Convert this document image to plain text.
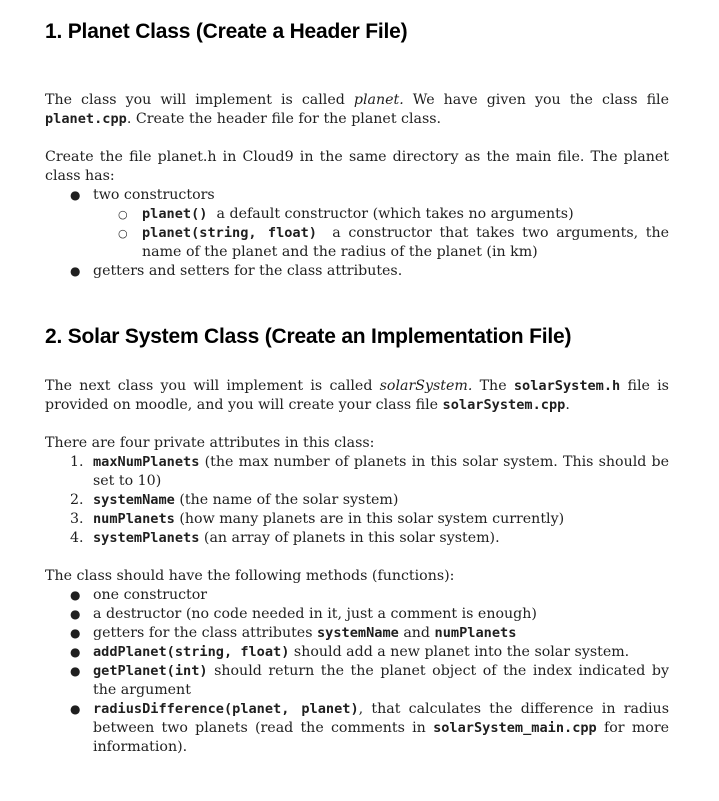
1. Planet Class (Create a Header File)

The class you will implement is called planet. We have given you the class file planet.cpp. Create the header file for the planet class.

Create the file planet.h in Cloud9 in the same directory as the main file. The planet class has:

● two constructors
○ planet() a default constructor (which takes no arguments)
○ planet(string, float) a constructor that takes two arguments, the name of the planet and the radius of the planet (in km)
● getters and setters for the class attributes.
2. Solar System Class (Create an Implementation File)

The next class you will implement is called solarSystem. The solarSystem.h file is provided on moodle, and you will create your class file solarSystem.cpp.

There are four private attributes in this class:

1. maxNumPlanets (the max number of planets in this solar system. This should be set to 10)
2. systemName (the name of the solar system)
3. numPlanets (how many planets are in this solar system currently)
4. systemPlanets (an array of planets in this solar system).

The class should have the following methods (functions):

● one constructor
● a destructor (no code needed in it, just a comment is enough)
● getters for the class attributes systemName and numPlanets
● addPlanet(string, float) should add a new planet into the solar system.
● getPlanet(int) should return the the planet object of the index indicated by the argument
● radiusDifference(planet, planet), that calculates the difference in radius between two planets (read the comments in solarSystem_main.cpp for more information).
